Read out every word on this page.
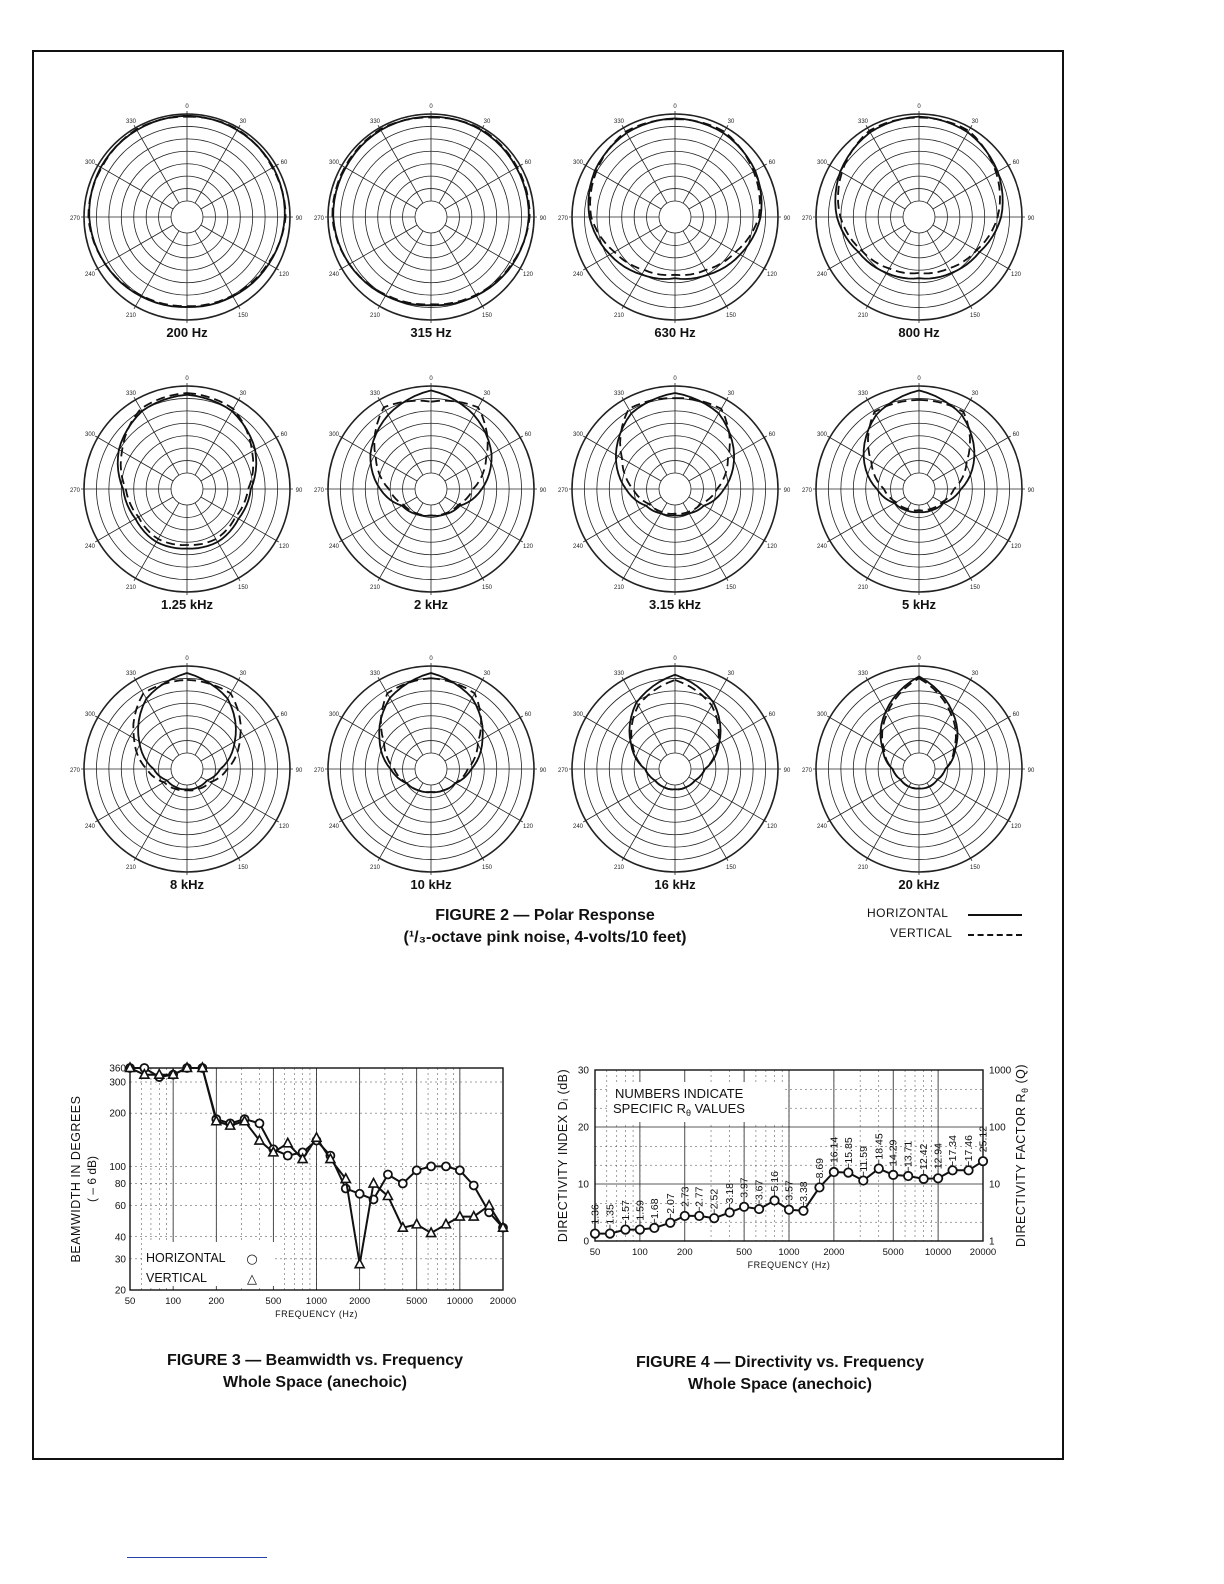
0
30
60
90
120
150
210
240
270
300
330
200 Hz
0
30
60
90
120
150
210
240
270
300
330
315 Hz
0
30
60
90
120
150
210
240
270
300
330
630 Hz
0
30
60
90
120
150
210
240
270
300
330
800 Hz
0
30
60
90
120
150
210
240
270
300
330
1.25 kHz
0
30
60
90
120
150
210
240
270
300
330
2 kHz
0
30
60
90
120
150
210
240
270
300
330
3.15 kHz
0
30
60
90
120
150
210
240
270
300
330
5 kHz
0
30
60
90
120
150
210
240
270
300
330
8 kHz
0
30
60
90
120
150
210
240
270
300
330
10 kHz
0
30
60
90
120
150
210
240
270
300
330
16 kHz
0
30
60
90
120
150
210
240
270
300
330
20 kHz
FIGURE 2 — Polar Response
(¹/₃-octave pink noise, 4-volts/10 feet)
HORIZONTAL
VERTICAL
20
30
40
60
80
100
200
300
360
50	100	200	500	1000 2000	5000 10000 20000
FREQUENCY (Hz)
BEAMWIDTH IN DEGREES ( – 6 dB)
HORIZONTAL ○
VERTICAL	△
FIGURE 3 — Beamwidth vs. Frequency
Whole Space (anechoic)
0
10
20
30
1
10
100
1000
50	100	200	500	1000 2000	5000 10000 20000
FREQUENCY (Hz)
DIRECTIVITY INDEX Dᵢ (dB)	DIRECTIVITY FACTOR $R_\theta$ (Q)
NUMBERS INDICATE
SPECIFIC $R_\theta$ VALUES
1.36 1.35 1.57 1.59 1.68 2.07 2.73 2.77 2.52 3.18 3.97 3.67 5.16 3.57 3.38
8.69
16.14 15.85 11.59 18.45 14.29 13.71 12.42 12.94 17.34 17.46 25.12
FIGURE 4 — Directivity vs. Frequency
Whole Space (anechoic)
